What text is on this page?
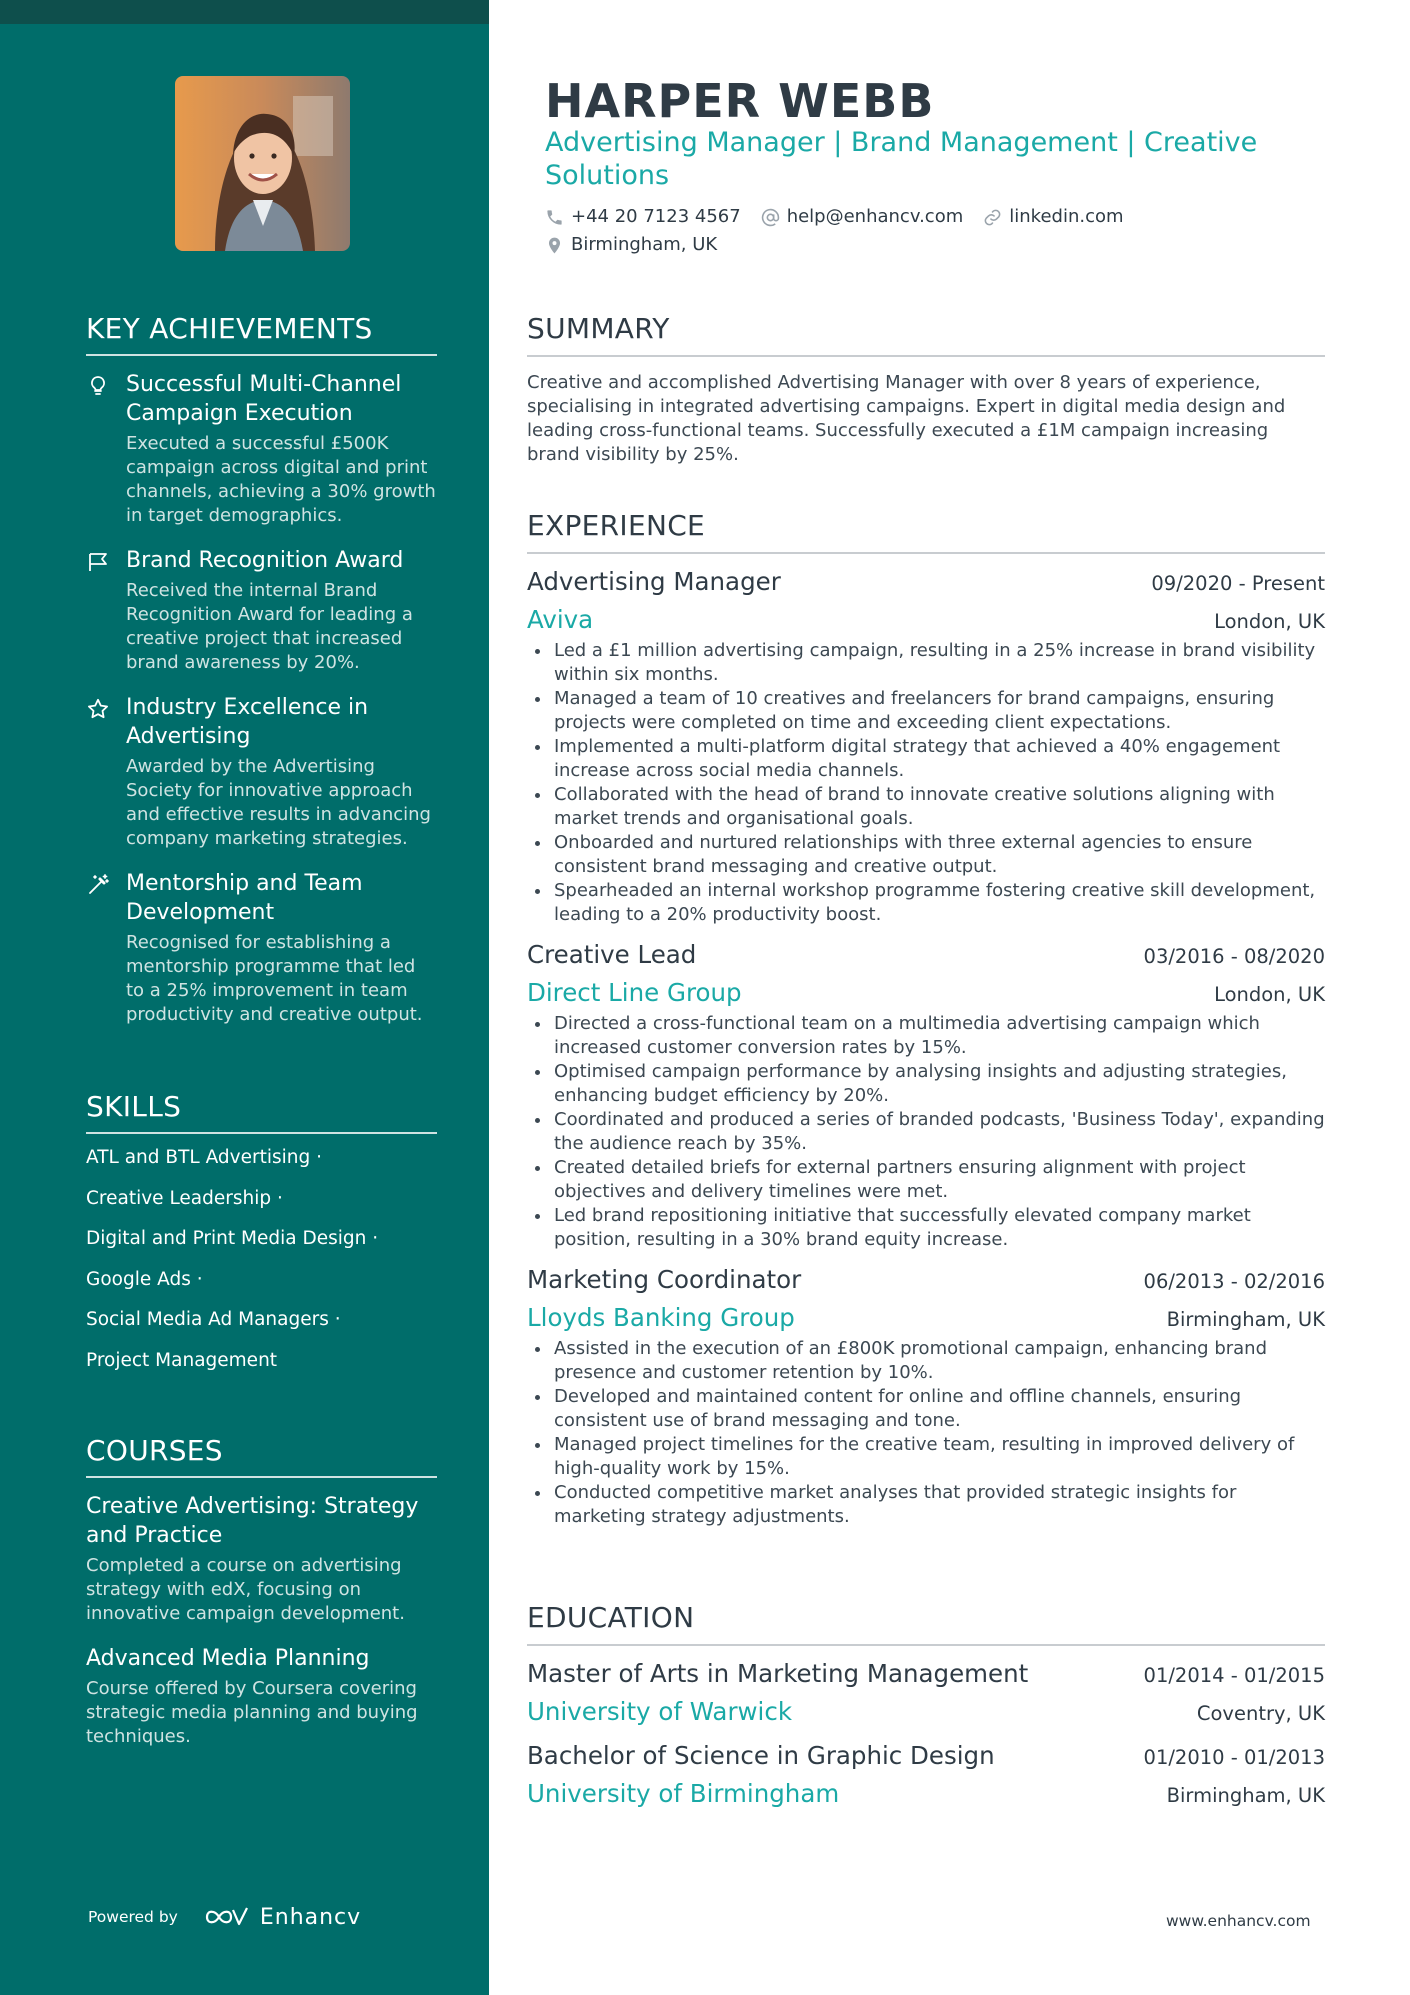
KEY ACHIEVEMENTS
Successful Multi-Channel Campaign Execution
Executed a successful £500K campaign across digital and print channels, achieving a 30% growth in target demographics.
Brand Recognition Award
Received the internal Brand Recognition Award for leading a creative project that increased brand awareness by 20%.
Industry Excellence in Advertising
Awarded by the Advertising Society for innovative approach and effective results in advancing company marketing strategies.
Mentorship and Team Development
Recognised for establishing a mentorship programme that led to a 25% improvement in team productivity and creative output.
SKILLS
ATL and BTL Advertising ·
Creative Leadership ·
Digital and Print Media Design ·
Google Ads ·
Social Media Ad Managers ·
Project Management
COURSES
Creative Advertising: Strategy and Practice
Completed a course on advertising strategy with edX, focusing on innovative campaign development.
Advanced Media Planning
Course offered by Coursera covering strategic media planning and buying techniques.
Powered by	Enhancv
HARPER WEBB
Advertising Manager | Brand Management | Creative Solutions
+44 20 7123 4567	help@enhancv.com	linkedin.com
Birmingham, UK
SUMMARY

Creative and accomplished Advertising Manager with over 8 years of experience, specialising in integrated advertising campaigns. Expert in digital media design and leading cross-functional teams. Successfully executed a £1M campaign increasing brand visibility by 25%.

EXPERIENCE
Advertising Manager	09/2020 - Present
Aviva	London, UK
Led a £1 million advertising campaign, resulting in a 25% increase in brand visibility within six months.
Managed a team of 10 creatives and freelancers for brand campaigns, ensuring projects were completed on time and exceeding client expectations.
Implemented a multi-platform digital strategy that achieved a 40% engagement increase across social media channels.
Collaborated with the head of brand to innovate creative solutions aligning with market trends and organisational goals.
Onboarded and nurtured relationships with three external agencies to ensure consistent brand messaging and creative output.
Spearheaded an internal workshop programme fostering creative skill development, leading to a 20% productivity boost.
Creative Lead	03/2016 - 08/2020
Direct Line Group	London, UK
Directed a cross-functional team on a multimedia advertising campaign which increased customer conversion rates by 15%.
Optimised campaign performance by analysing insights and adjusting strategies, enhancing budget efficiency by 20%.
Coordinated and produced a series of branded podcasts, 'Business Today', expanding the audience reach by 35%.
Created detailed briefs for external partners ensuring alignment with project objectives and delivery timelines were met.
Led brand repositioning initiative that successfully elevated company market position, resulting in a 30% brand equity increase.
Marketing Coordinator	06/2013 - 02/2016
Lloyds Banking Group	Birmingham, UK
Assisted in the execution of an £800K promotional campaign, enhancing brand presence and customer retention by 10%.
Developed and maintained content for online and offline channels, ensuring consistent use of brand messaging and tone.
Managed project timelines for the creative team, resulting in improved delivery of high-quality work by 15%.
Conducted competitive market analyses that provided strategic insights for marketing strategy adjustments.
EDUCATION
Master of Arts in Marketing Management	01/2014 - 01/2015
University of Warwick	Coventry, UK
Bachelor of Science in Graphic Design	01/2010 - 01/2013
University of Birmingham	Birmingham, UK
www.enhancv.com
